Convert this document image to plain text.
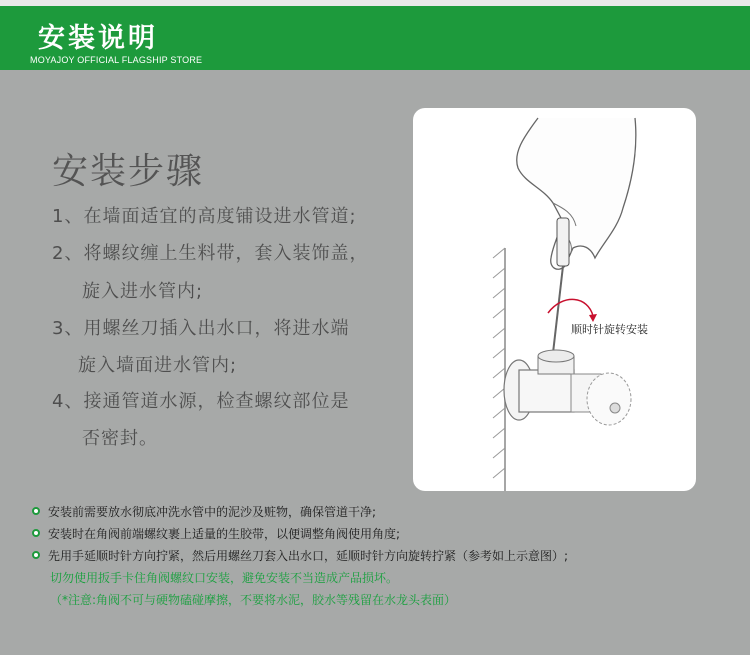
安装说明
MOYAJOY OFFICIAL FLAGSHIP STORE
安装步骤
1、在墙面适宜的高度铺设进水管道;
2、将螺纹缠上生料带，套入装饰盖，
旋入进水管内;
3、用螺丝刀插入出水口，将进水端
旋入墙面进水管内;
4、接通管道水源，检查螺纹部位是
否密封。
顺时针旋转安装
安装前需要放水彻底冲洗水管中的泥沙及赃物，确保管道干净;
安装时在角阀前端螺纹裹上适量的生胶带，以便调整角阀使用角度;
先用手延顺时针方向拧紧，然后用螺丝刀套入出水口，延顺时针方向旋转拧紧（参考如上示意图）;
切勿使用扳手卡住角阀螺纹口安装，避免安装不当造成产品损坏。
（*注意:角阀不可与硬物磕碰摩擦，不要将水泥，胶水等残留在水龙头表面）
